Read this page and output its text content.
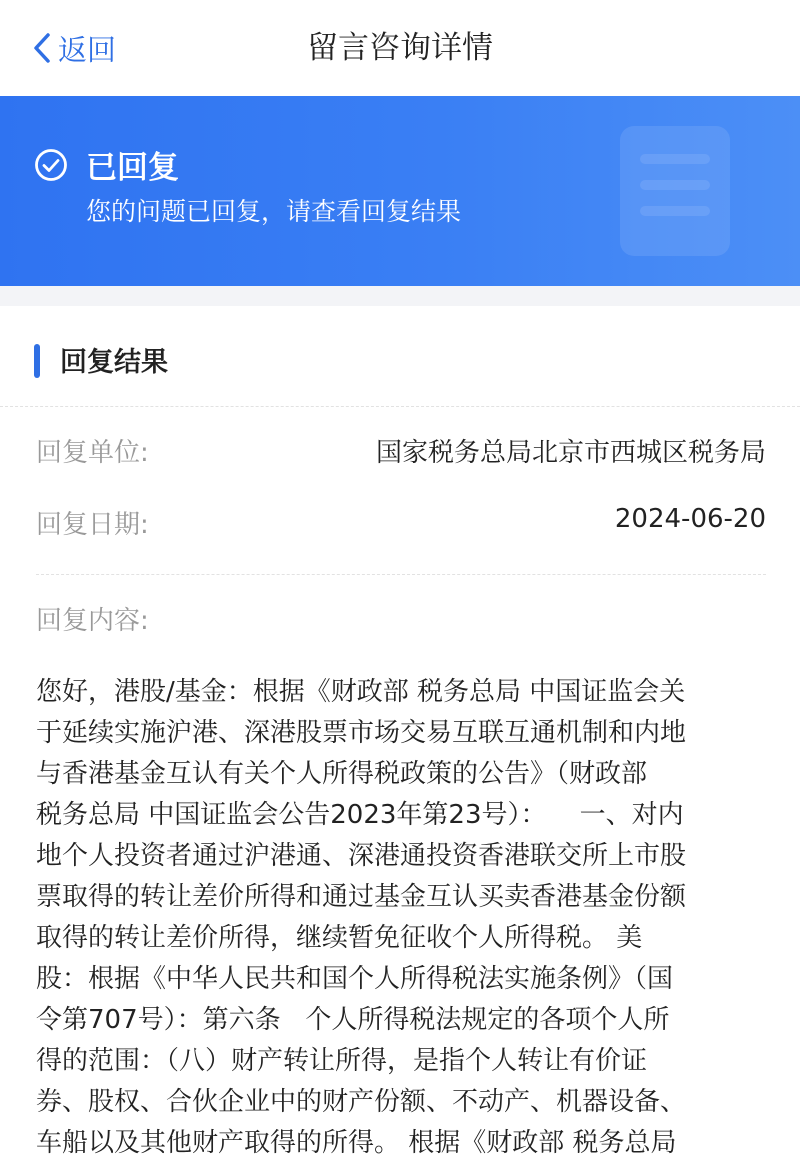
返回	留言咨询详情
已回复
您的问题已回复，请查看回复结果
回复结果
回复单位:	国家税务总局北京市西城区税务局
回复日期:	2024-06-20
回复内容:
您好，港股/基金：根据《财政部 税务总局 中国证监会关
于延续实施沪港、深港股票市场交易互联互通机制和内地
与香港基金互认有关个人所得税政策的公告》（财政部
税务总局 中国证监会公告2023年第23号）：    一、对内
地个人投资者通过沪港通、深港通投资香港联交所上市股
票取得的转让差价所得和通过基金互认买卖香港基金份额
取得的转让差价所得，继续暂免征收个人所得税。 美
股：根据《中华人民共和国个人所得税法实施条例》（国
令第707号）：第六条   个人所得税法规定的各项个人所
得的范围：（八）财产转让所得，是指个人转让有价证
券、股权、合伙企业中的财产份额、不动产、机器设备、
车船以及其他财产取得的所得。 根据《财政部 税务总局
